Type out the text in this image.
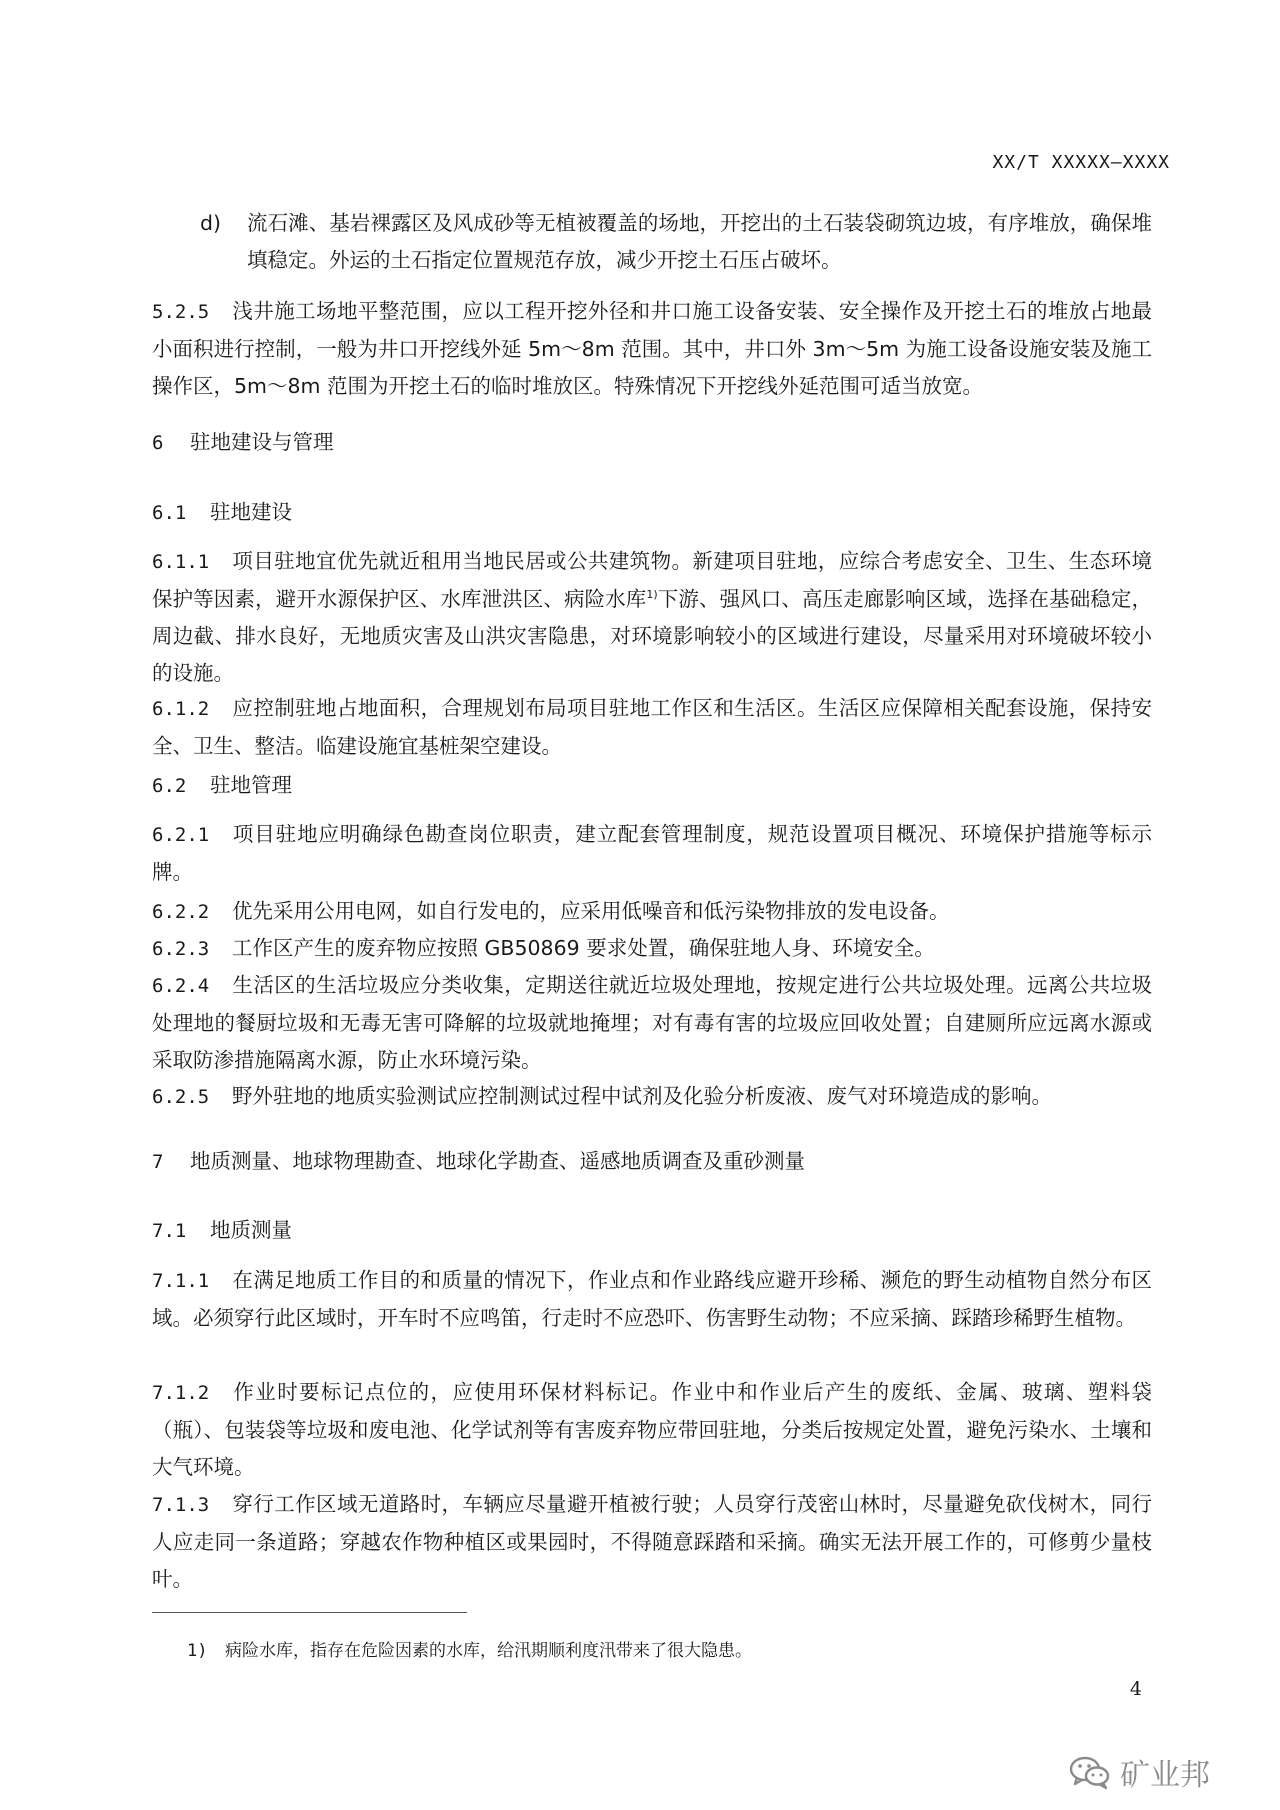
XX/T XXXXX—XXXX
d)	流石滩、基岩裸露区及风成砂等无植被覆盖的场地，开挖出的土石装袋砌筑边坡，有序堆放，确保堆填稳定。外运的土石指定位置规范存放，减少开挖土石压占破坏。
5.2.5 浅井施工场地平整范围，应以工程开挖外径和井口施工设备安装、安全操作及开挖土石的堆放占地最小面积进行控制，一般为井口开挖线外延 5m～8m 范围。其中，井口外 3m～5m 为施工设备设施安装及施工操作区，5m～8m 范围为开挖土石的临时堆放区。特殊情况下开挖线外延范围可适当放宽。
6 驻地建设与管理
6.1 驻地建设
6.1.1 项目驻地宜优先就近租用当地民居或公共建筑物。新建项目驻地，应综合考虑安全、卫生、生态环境保护等因素，避开水源保护区、水库泄洪区、病险水库$^{1)}$下游、强风口、高压走廊影响区域，选择在基础稳定，周边截、排水良好，无地质灾害及山洪灾害隐患，对环境影响较小的区域进行建设，尽量采用对环境破坏较小的设施。
6.1.2 应控制驻地占地面积，合理规划布局项目驻地工作区和生活区。生活区应保障相关配套设施，保持安全、卫生、整洁。临建设施宜基桩架空建设。
6.2 驻地管理
6.2.1 项目驻地应明确绿色勘查岗位职责，建立配套管理制度，规范设置项目概况、环境保护措施等标示牌。
6.2.2 优先采用公用电网，如自行发电的，应采用低噪音和低污染物排放的发电设备。
6.2.3 工作区产生的废弃物应按照 GB50869 要求处置，确保驻地人身、环境安全。
6.2.4 生活区的生活垃圾应分类收集，定期送往就近垃圾处理地，按规定进行公共垃圾处理。远离公共垃圾处理地的餐厨垃圾和无毒无害可降解的垃圾就地掩埋；对有毒有害的垃圾应回收处置；自建厕所应远离水源或采取防渗措施隔离水源，防止水环境污染。
6.2.5 野外驻地的地质实验测试应控制测试过程中试剂及化验分析废液、废气对环境造成的影响。
7 地质测量、地球物理勘查、地球化学勘查、遥感地质调查及重砂测量
7.1 地质测量
7.1.1 在满足地质工作目的和质量的情况下，作业点和作业路线应避开珍稀、濒危的野生动植物自然分布区域。必须穿行此区域时，开车时不应鸣笛，行走时不应恐吓、伤害野生动物；不应采摘、踩踏珍稀野生植物。
7.1.2 作业时要标记点位的，应使用环保材料标记。作业中和作业后产生的废纸、金属、玻璃、塑料袋（瓶）、包装袋等垃圾和废电池、化学试剂等有害废弃物应带回驻地，分类后按规定处置，避免污染水、土壤和大气环境。
7.1.3 穿行工作区域无道路时，车辆应尽量避开植被行驶；人员穿行茂密山林时，尽量避免砍伐树木，同行人应走同一条道路；穿越农作物种植区或果园时，不得随意踩踏和采摘。确实无法开展工作的，可修剪少量枝叶。
1) 病险水库，指存在危险因素的水库，给汛期顺利度汛带来了很大隐患。
4
矿业邦
